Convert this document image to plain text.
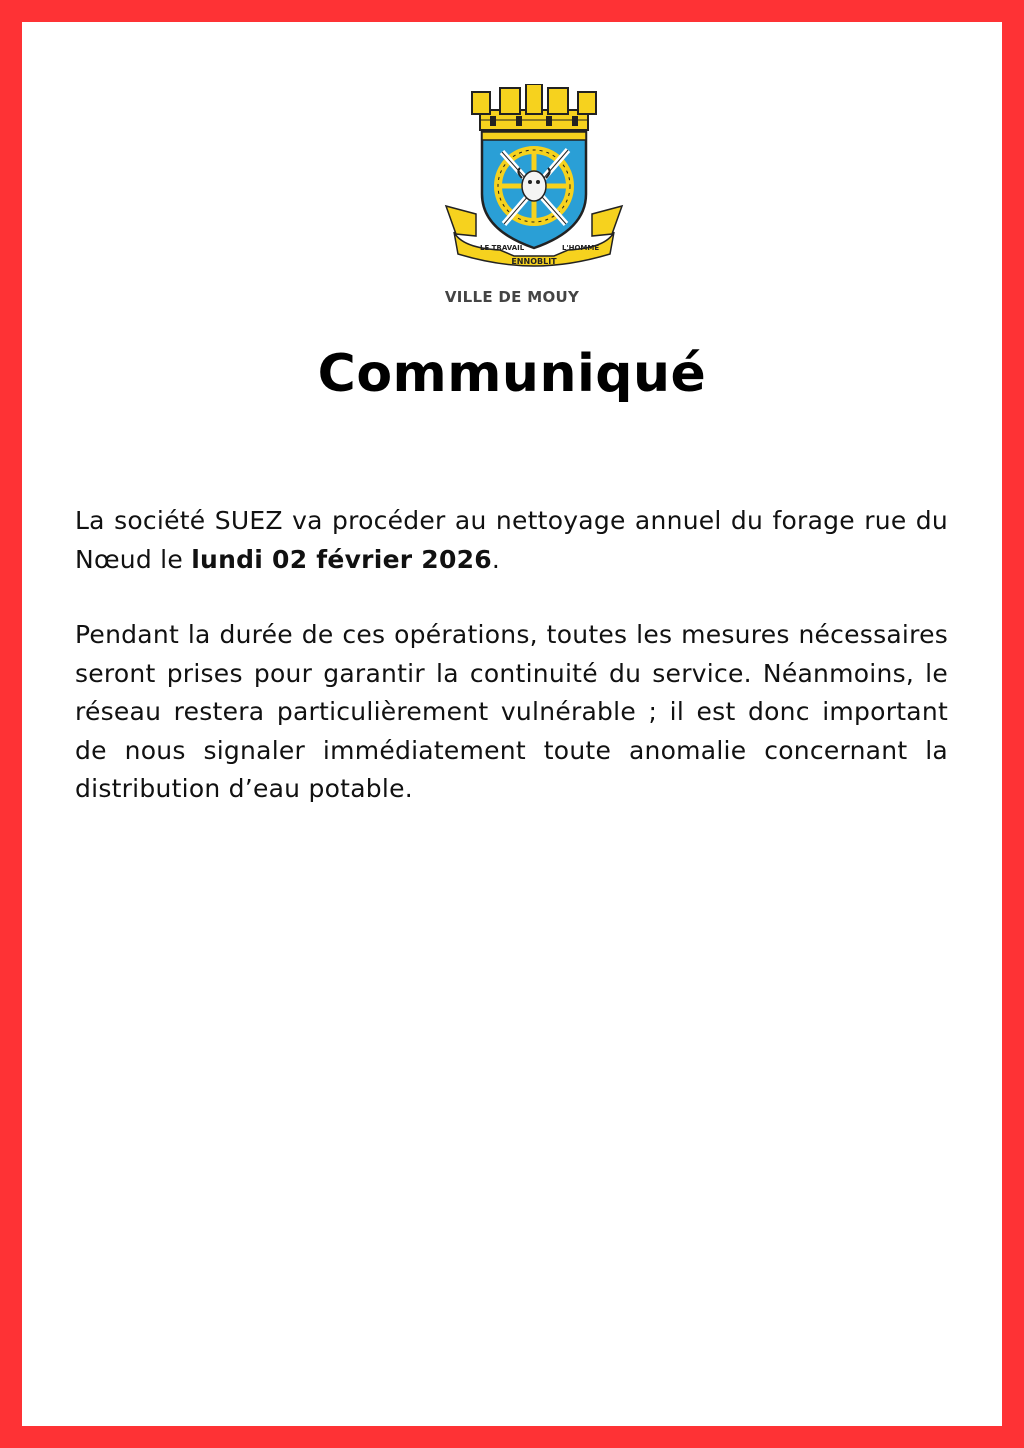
LE TRAVAIL
ENNOBLIT
L'HOMME
VILLE DE MOUY
Communiqué

La société SUEZ va procéder au nettoyage annuel du forage rue du Nœud le lundi 02 février 2026.

Pendant la durée de ces opérations, toutes les mesures nécessaires seront prises pour garantir la continuité du service. Néanmoins, le réseau restera particulièrement vulnérable ; il est donc important de nous signaler immédiatement toute anomalie concernant la distribution d’eau potable.
